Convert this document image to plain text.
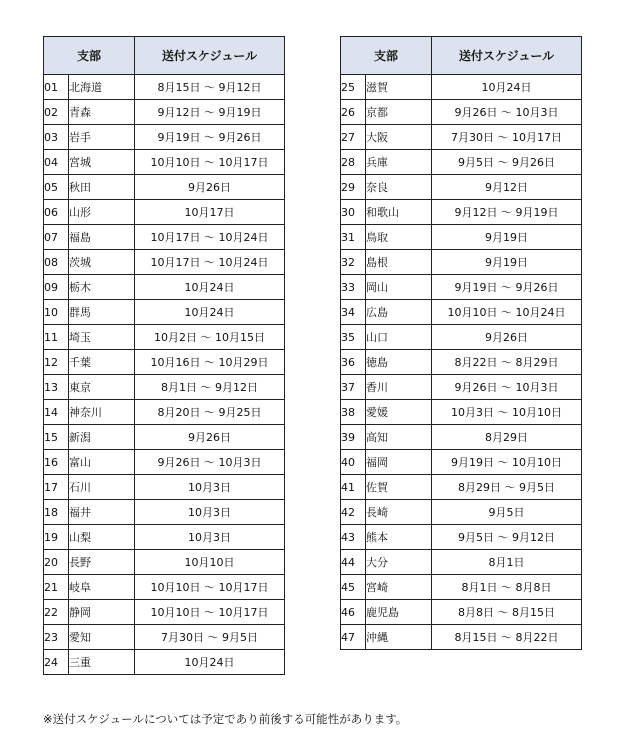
支部		送付スケジュール
01	北海道	8月15日 〜 9月12日
02	青森	9月12日 〜 9月19日
03	岩手	9月19日 〜 9月26日
04	宮城	10月10日 〜 10月17日
05	秋田	9月26日
06	山形	10月17日
07	福島	10月17日 〜 10月24日
08	茨城	10月17日 〜 10月24日
09	栃木	10月24日
10	群馬	10月24日
11	埼玉	10月2日 〜 10月15日
12	千葉	10月16日 〜 10月29日
13	東京	8月1日 〜 9月12日
14	神奈川	8月20日 〜 9月25日
15	新潟	9月26日
16	富山	9月26日 〜 10月3日
17	石川	10月3日
18	福井	10月3日
19	山梨	10月3日
20	長野	10月10日
21	岐阜	10月10日 〜 10月17日
22	静岡	10月10日 〜 10月17日
23	愛知	7月30日 〜 9月5日
24	三重	10月24日
支部		送付スケジュール
25	滋賀	10月24日
26	京都	9月26日 〜 10月3日
27	大阪	7月30日 〜 10月17日
28	兵庫	9月5日 〜 9月26日
29	奈良	9月12日
30	和歌山	9月12日 〜 9月19日
31	鳥取	9月19日
32	島根	9月19日
33	岡山	9月19日 〜 9月26日
34	広島	10月10日 〜 10月24日
35	山口	9月26日
36	徳島	8月22日 〜 8月29日
37	香川	9月26日 〜 10月3日
38	愛媛	10月3日 〜 10月10日
39	高知	8月29日
40	福岡	9月19日 〜 10月10日
41	佐賀	8月29日 〜 9月5日
42	長崎	9月5日
43	熊本	9月5日 〜 9月12日
44	大分	8月1日
45	宮崎	8月1日 〜 8月8日
46	鹿児島	8月8日 〜 8月15日
47	沖縄	8月15日 〜 8月22日
※送付スケジュールについては予定であり前後する可能性があります。
